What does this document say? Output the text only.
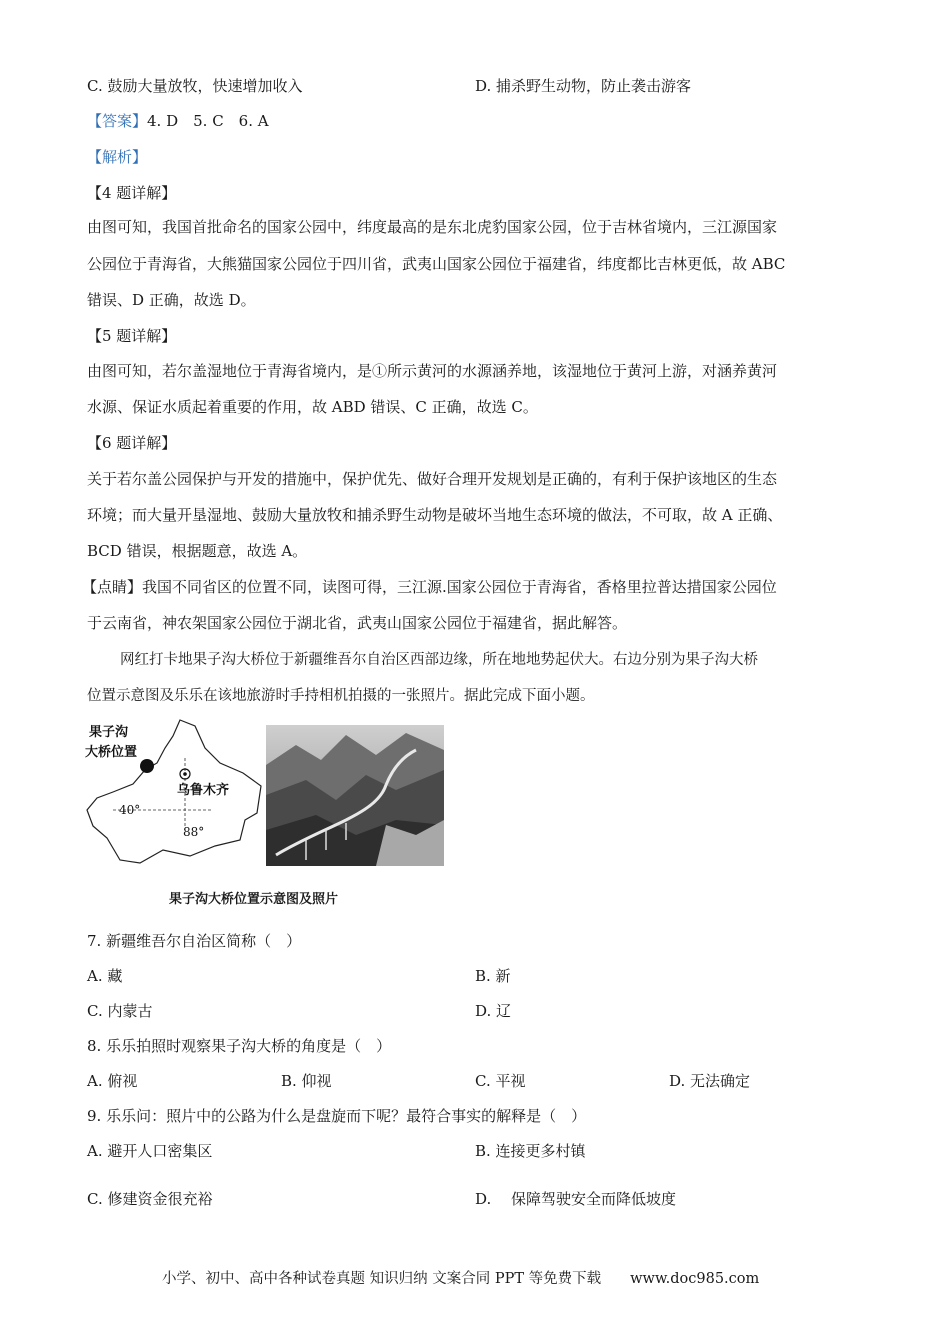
C. 鼓励大量放牧，快速增加收入	D. 捕杀野生动物，防止袭击游客
【答案】4. D　5. C　6. A
【解析】
【4 题详解】
由图可知，我国首批命名的国家公园中，纬度最高的是东北虎豹国家公园，位于吉林省境内，三江源国家
公园位于青海省，大熊猫国家公园位于四川省，武夷山国家公园位于福建省，纬度都比吉林更低，故 ABC
错误、D 正确，故选 D。
【5 题详解】
由图可知，若尔盖湿地位于青海省境内，是①所示黄河的水源涵养地，该湿地位于黄河上游，对涵养黄河
水源、保证水质起着重要的作用，故 ABD 错误、C 正确，故选 C。
【6 题详解】
关于若尔盖公园保护与开发的措施中，保护优先、做好合理开发规划是正确的，有利于保护该地区的生态
环境；而大量开垦湿地、鼓励大量放牧和捕杀野生动物是破坏当地生态环境的做法，不可取，故 A 正确、
BCD 错误，根据题意，故选 A。
【点睛】我国不同省区的位置不同，读图可得，三江源.国家公园位于青海省，香格里拉普达措国家公园位
于云南省，神农架国家公园位于湖北省，武夷山国家公园位于福建省，据此解答。
网红打卡地果子沟大桥位于新疆维吾尔自治区西部边缘，所在地地势起伏大。右边分别为果子沟大桥
位置示意图及乐乐在该地旅游时手持相机拍摄的一张照片。据此完成下面小题。
果子沟
大桥位置
乌鲁木齐
40°
88°
果子沟大桥位置示意图及照片
7. 新疆维吾尔自治区简称（　）
A. 藏	B. 新
C. 内蒙古	D. 辽
8. 乐乐拍照时观察果子沟大桥的角度是（　）
A. 俯视	B. 仰视	C. 平视	D. 无法确定
9. 乐乐问：照片中的公路为什么是盘旋而下呢？最符合事实的解释是（　）
A. 避开人口密集区	B. 连接更多村镇
C. 修建资金很充裕	D.　 保障驾驶安全而降低坡度
小学、初中、高中各种试卷真题 知识归纳 文案合同 PPT 等免费下载　　www.doc985.com
